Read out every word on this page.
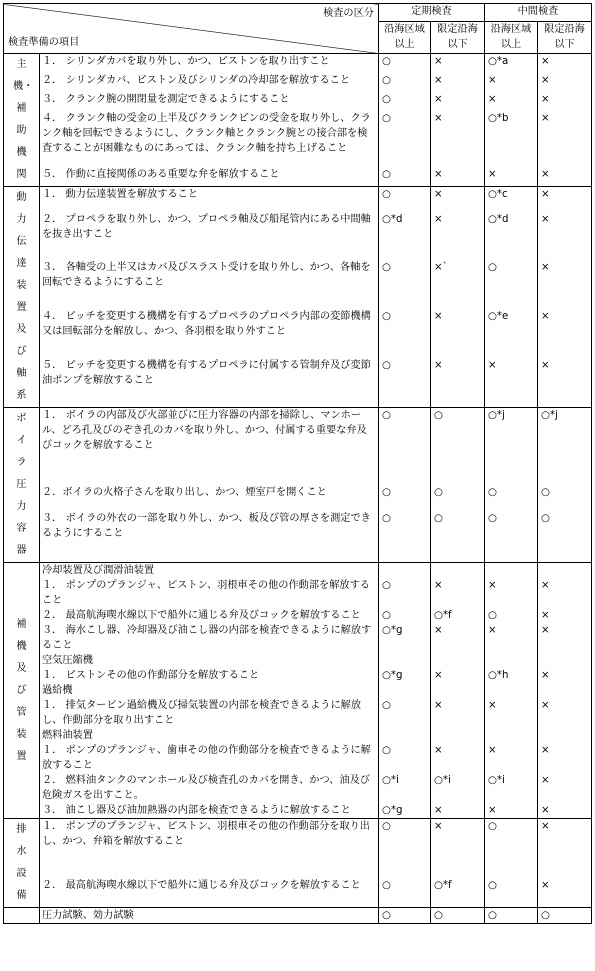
検査の区分
検査準備の項目		定期検査		中間検査	
		沿海区域以上	限定沿海以下	沿海区域以上	限定沿海以下
主機・補助機関	１． シリンダカバを取り外し、かつ、ピストンを取り出すこと	○	×	○*a	×
	２． シリンダカバ、ピストン及びシリンダの冷却部を解放すること	○	×	×	×
	３． クランク腕の開閉量を測定できるようにすること	○	×	×	×
	４． クランク軸の受金の上半及びクランクピンの受金を取り外し、クランク軸を回転できるようにし、クランク軸とクランク腕との接合部を検査することが困難なものにあっては、クランク軸を持ち上げること	○	×	○*b	×
	５． 作動に直接関係のある重要な弁を解放すること	○	×	×	×
動力伝達装置及び軸系	１． 動力伝達装置を解放すること	○	×	○*c	×
	２． プロペラを取り外し、かつ、プロペラ軸及び船尾管内にある中間軸を抜き出すこと	○*d	×	○*d	×
	３． 各軸受の上半又はカバ及びスラスト受けを取り外し、かつ、各軸を回転できるようにすること	○	×`	○	×
	４． ピッチを変更する機構を有するプロペラのプロペラ内部の変節機構又は回転部分を解放し、かつ、各羽根を取り外すこと	○	×	○*e	×
	５． ピッチを変更する機構を有するプロペラに付属する管制弁及び変節油ポンプを解放すること	○	×	×	×
ボイラ圧力容器	１． ボイラの内部及び火部並びに圧力容器の内部を掃除し、マンホール、どろ孔及びのぞき孔のカバを取り外し、かつ、付属する重要な弁及びコックを解放すること	○	○	○*j	○*j
	２．ボイラの火格子さんを取り出し、かつ、煙室戸を開くこと	○	○	○	○
	３． ボイラの外衣の一部を取り外し、かつ、板及び管の厚さを測定できるようにすること	○	○	○	○
補機及び管装置	冷却装置及び潤滑油装置				
	１． ポンプのプランジャ、ピストン、羽根車その他の作動部を解放すること	○	×	×	×
	２． 最高航海喫水線以下で船外に通じる弁及びコックを解放すること	○	○*f	○	×
	３． 海水こし器、冷却器及び油こし器の内部を検査できるように解放すること	○*g	×	×	×
	空気圧縮機				
	１． ピストンその他の作動部分を解放すること	○*g	×	○*h	×
	過給機				
	１． 排気タービン過給機及び掃気装置の内部を検査できるように解放し、作動部分を取り出すこと	○	×	×	×
	燃料油装置				
	１． ポンプのプランジャ、歯車その他の作動部分を検査できるように解放すること	○	×	×	×
	２． 燃料油タンクのマンホール及び検査孔のカバを開き、かつ、油及び危険ガスを出すこと。	○*i	○*i	○*i	×
	３． 油こし器及び油加熱器の内部を検査できるように解放すること	○*g	×	×	×
排水設備	１． ポンプのプランジャ、ピストン、羽根車その他の作動部分を取り出し、かつ、弁箱を解放すること	○	×	○	×
	２． 最高航海喫水線以下で船外に通じる弁及びコックを解放すること	○	○*f	○	×
	圧力試験、効力試験	○	○	○	○
